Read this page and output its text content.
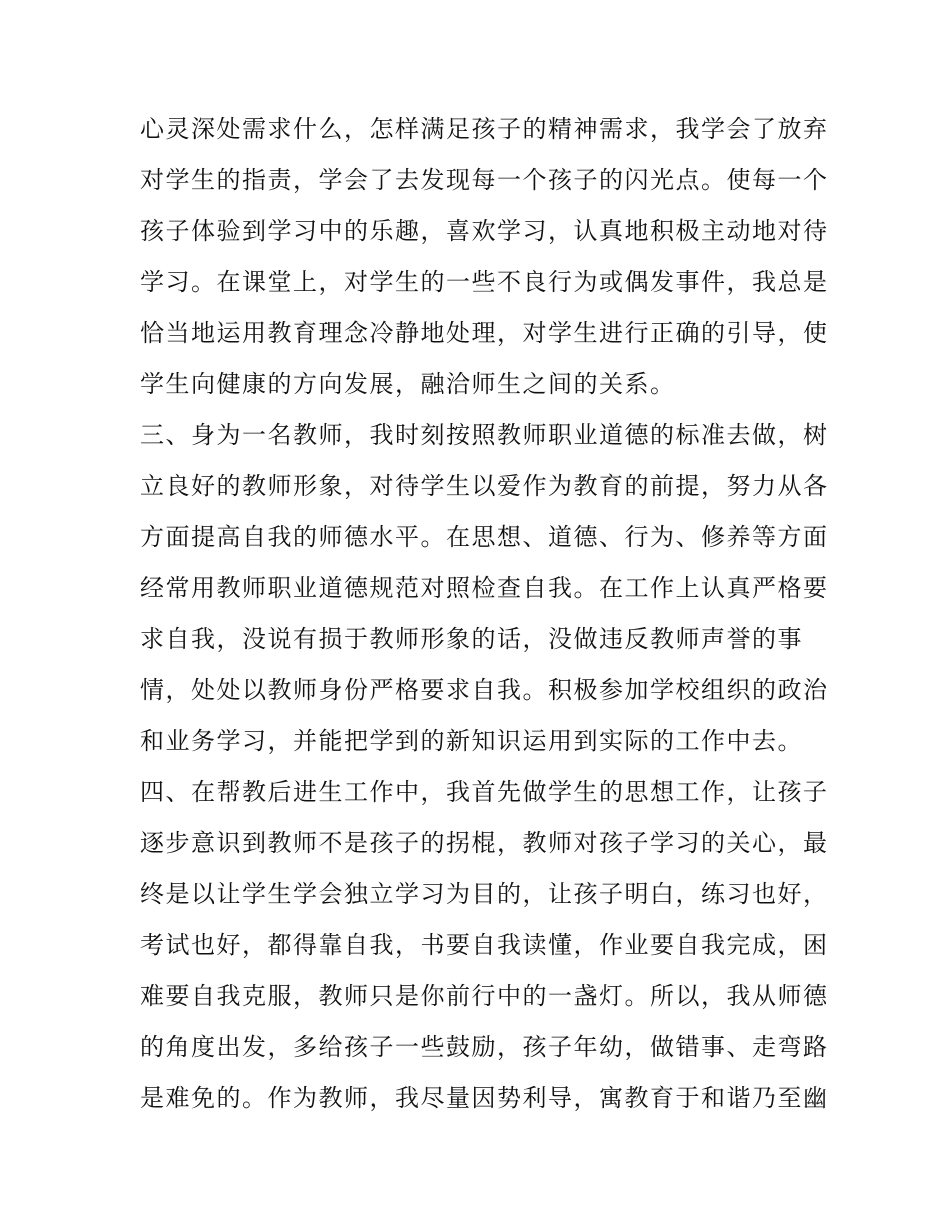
心灵深处需求什么，怎样满足孩子的精神需求，我学会了放弃
对学生的指责，学会了去发现每一个孩子的闪光点。使每一个
孩子体验到学习中的乐趣，喜欢学习，认真地积极主动地对待
学习。在课堂上，对学生的一些不良行为或偶发事件，我总是
恰当地运用教育理念冷静地处理，对学生进行正确的引导，使
学生向健康的方向发展，融洽师生之间的关系。
三、身为一名教师，我时刻按照教师职业道德的标准去做，树
立良好的教师形象，对待学生以爱作为教育的前提，努力从各
方面提高自我的师德水平。在思想、道德、行为、修养等方面
经常用教师职业道德规范对照检查自我。在工作上认真严格要
求自我，没说有损于教师形象的话，没做违反教师声誉的事
情，处处以教师身份严格要求自我。积极参加学校组织的政治
和业务学习，并能把学到的新知识运用到实际的工作中去。
四、在帮教后进生工作中，我首先做学生的思想工作，让孩子
逐步意识到教师不是孩子的拐棍，教师对孩子学习的关心，最
终是以让学生学会独立学习为目的，让孩子明白，练习也好，
考试也好，都得靠自我，书要自我读懂，作业要自我完成，困
难要自我克服，教师只是你前行中的一盏灯。所以，我从师德
的角度出发，多给孩子一些鼓励，孩子年幼，做错事、走弯路
是难免的。作为教师，我尽量因势利导，寓教育于和谐乃至幽
